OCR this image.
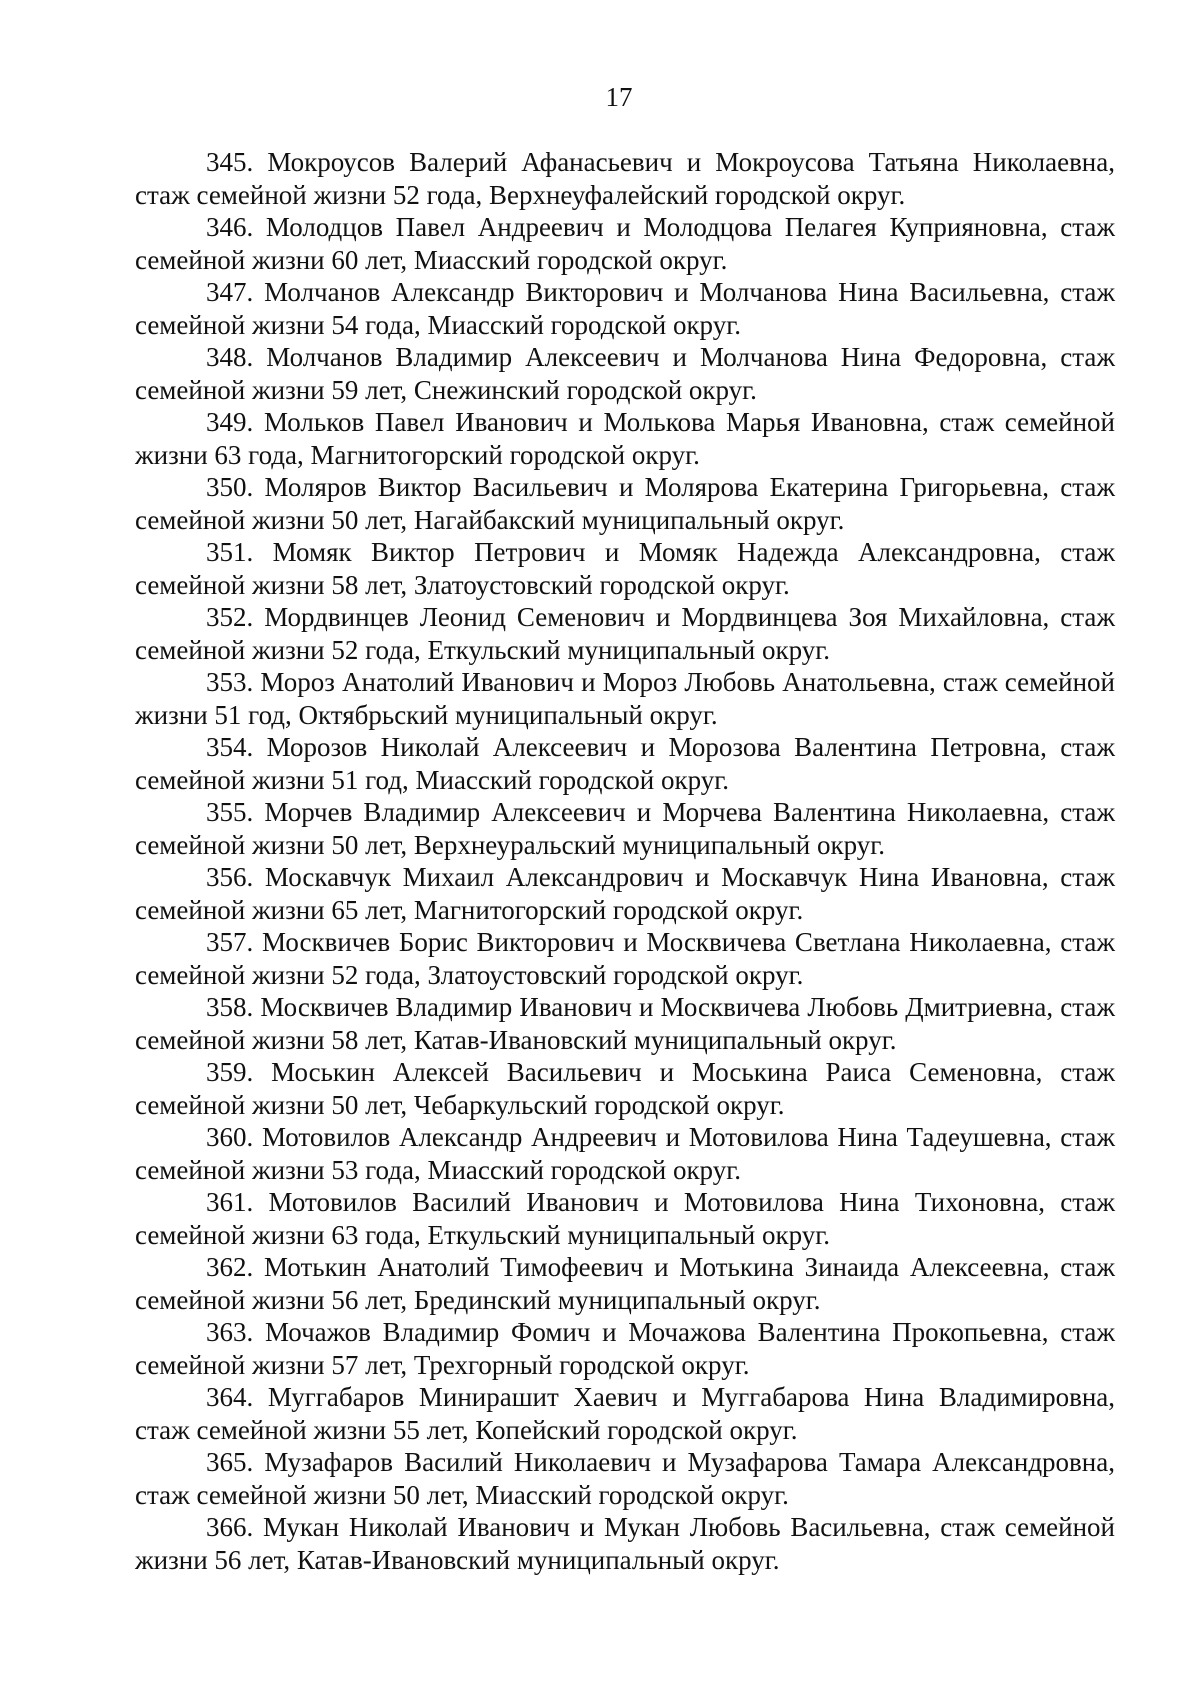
17

345. Мокроусов Валерий Афанасьевич и Мокроусова Татьяна Николаевна, стаж семейной жизни 52 года, Верхнеуфалейский городской округ.

346. Молодцов Павел Андреевич и Молодцова Пелагея Куприяновна, стаж семейной жизни 60 лет, Миасский городской округ.

347. Молчанов Александр Викторович и Молчанова Нина Васильевна, стаж семейной жизни 54 года, Миасский городской округ.

348. Молчанов Владимир Алексеевич и Молчанова Нина Федоровна, стаж семейной жизни 59 лет, Снежинский городской округ.

349. Мольков Павел Иванович и Молькова Марья Ивановна, стаж семейной жизни 63 года, Магнитогорский городской округ.

350. Моляров Виктор Васильевич и Молярова Екатерина Григорьевна, стаж семейной жизни 50 лет, Нагайбакский муниципальный округ.

351. Момяк Виктор Петрович и Момяк Надежда Александровна, стаж семейной жизни 58 лет, Златоустовский городской округ.

352. Мордвинцев Леонид Семенович и Мордвинцева Зоя Михайловна, стаж семейной жизни 52 года, Еткульский муниципальный округ.

353. Мороз Анатолий Иванович и Мороз Любовь Анатольевна, стаж семейной жизни 51 год, Октябрьский муниципальный округ.

354. Морозов Николай Алексеевич и Морозова Валентина Петровна, стаж семейной жизни 51 год, Миасский городской округ.

355. Морчев Владимир Алексеевич и Морчева Валентина Николаевна, стаж семейной жизни 50 лет, Верхнеуральский муниципальный округ.

356. Москавчук Михаил Александрович и Москавчук Нина Ивановна, стаж семейной жизни 65 лет, Магнитогорский городской округ.

357. Москвичев Борис Викторович и Москвичева Светлана Николаевна, стаж семейной жизни 52 года, Златоустовский городской округ.

358. Москвичев Владимир Иванович и Москвичева Любовь Дмитриевна, стаж семейной жизни 58 лет, Катав-Ивановский муниципальный округ.

359. Моськин Алексей Васильевич и Моськина Раиса Семеновна, стаж семейной жизни 50 лет, Чебаркульский городской округ.

360. Мотовилов Александр Андреевич и Мотовилова Нина Тадеушевна, стаж семейной жизни 53 года, Миасский городской округ.

361. Мотовилов Василий Иванович и Мотовилова Нина Тихоновна, стаж семейной жизни 63 года, Еткульский муниципальный округ.

362. Мотькин Анатолий Тимофеевич и Мотькина Зинаида Алексеевна, стаж семейной жизни 56 лет, Брединский муниципальный округ.

363. Мочажов Владимир Фомич и Мочажова Валентина Прокопьевна, стаж семейной жизни 57 лет, Трехгорный городской округ.

364. Муггабаров Минирашит Хаевич и Муггабарова Нина Владимировна, стаж семейной жизни 55 лет, Копейский городской округ.

365. Музафаров Василий Николаевич и Музафарова Тамара Александровна, стаж семейной жизни 50 лет, Миасский городской округ.

366. Мукан Николай Иванович и Мукан Любовь Васильевна, стаж семейной жизни 56 лет, Катав-Ивановский муниципальный округ.
